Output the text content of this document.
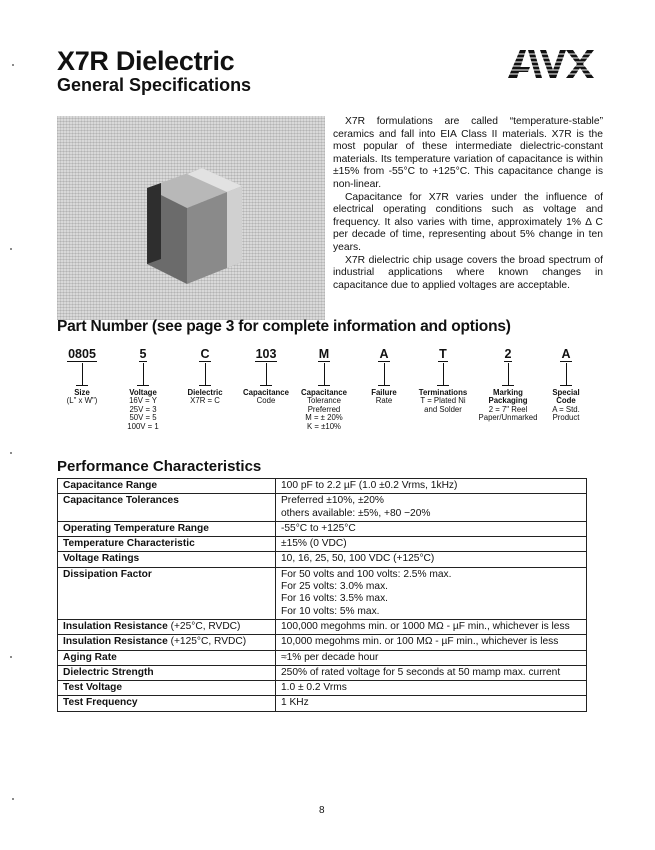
X7R Dielectric
General Specifications

X7R formulations are called “temperature-stable” ceramics and fall into EIA Class II materials. X7R is the most popular of these intermediate dielectric-constant materials. Its temperature variation of capacitance is within ±15% from -55°C to +125°C. This capacitance change is non-linear.

Capacitance for X7R varies under the influence of electrical operating conditions such as voltage and frequency. It also varies with time, approximately 1% Δ C per decade of time, representing about 5% change in ten years.

X7R dielectric chip usage covers the broad spectrum of industrial applications where known changes in capacitance due to applied voltages are acceptable.

Part Number (see page 3 for complete information and options)
0805
Size
(L" x W")
5
Voltage
16V = Y
25V = 3
50V = 5
100V = 1
C
Dielectric
X7R = C
103
Capacitance
Code
M
Capacitance
Tolerance
Preferred
M = ± 20%
K = ±10%
A
Failure
Rate
T
Terminations
T = Plated Ni
and Solder
2
Marking
Packaging
2 = 7" Reel
Paper/Unmarked
A
Special
Code
A = Std.
Product
Performance Characteristics
Capacitance Range	100 pF to 2.2 µF (1.0 ±0.2 Vrms, 1kHz)
Capacitance Tolerances	Preferred ±10%, ±20%
others available: ±5%, +80 −20%

Operating Temperature Range	-55°C to +125°C
Temperature Characteristic	±15% (0 VDC)
Voltage Ratings	10, 16, 25, 50, 100 VDC (+125°C)
Dissipation Factor	For 50 volts and 100 volts: 2.5% max.
For 25 volts: 3.0% max.
For 16 volts: 3.5% max.
For 10 volts: 5% max.

Insulation Resistance (+25°C, RVDC)	100,000 megohms min. or 1000 MΩ - µF min., whichever is less
Insulation Resistance (+125°C, RVDC)	10,000 megohms min. or 100 MΩ - µF min., whichever is less
Aging Rate	≈1% per decade hour
Dielectric Strength	250% of rated voltage for 5 seconds at 50 mamp max. current
Test Voltage	1.0 ± 0.2 Vrms
Test Frequency	1 KHz
8
